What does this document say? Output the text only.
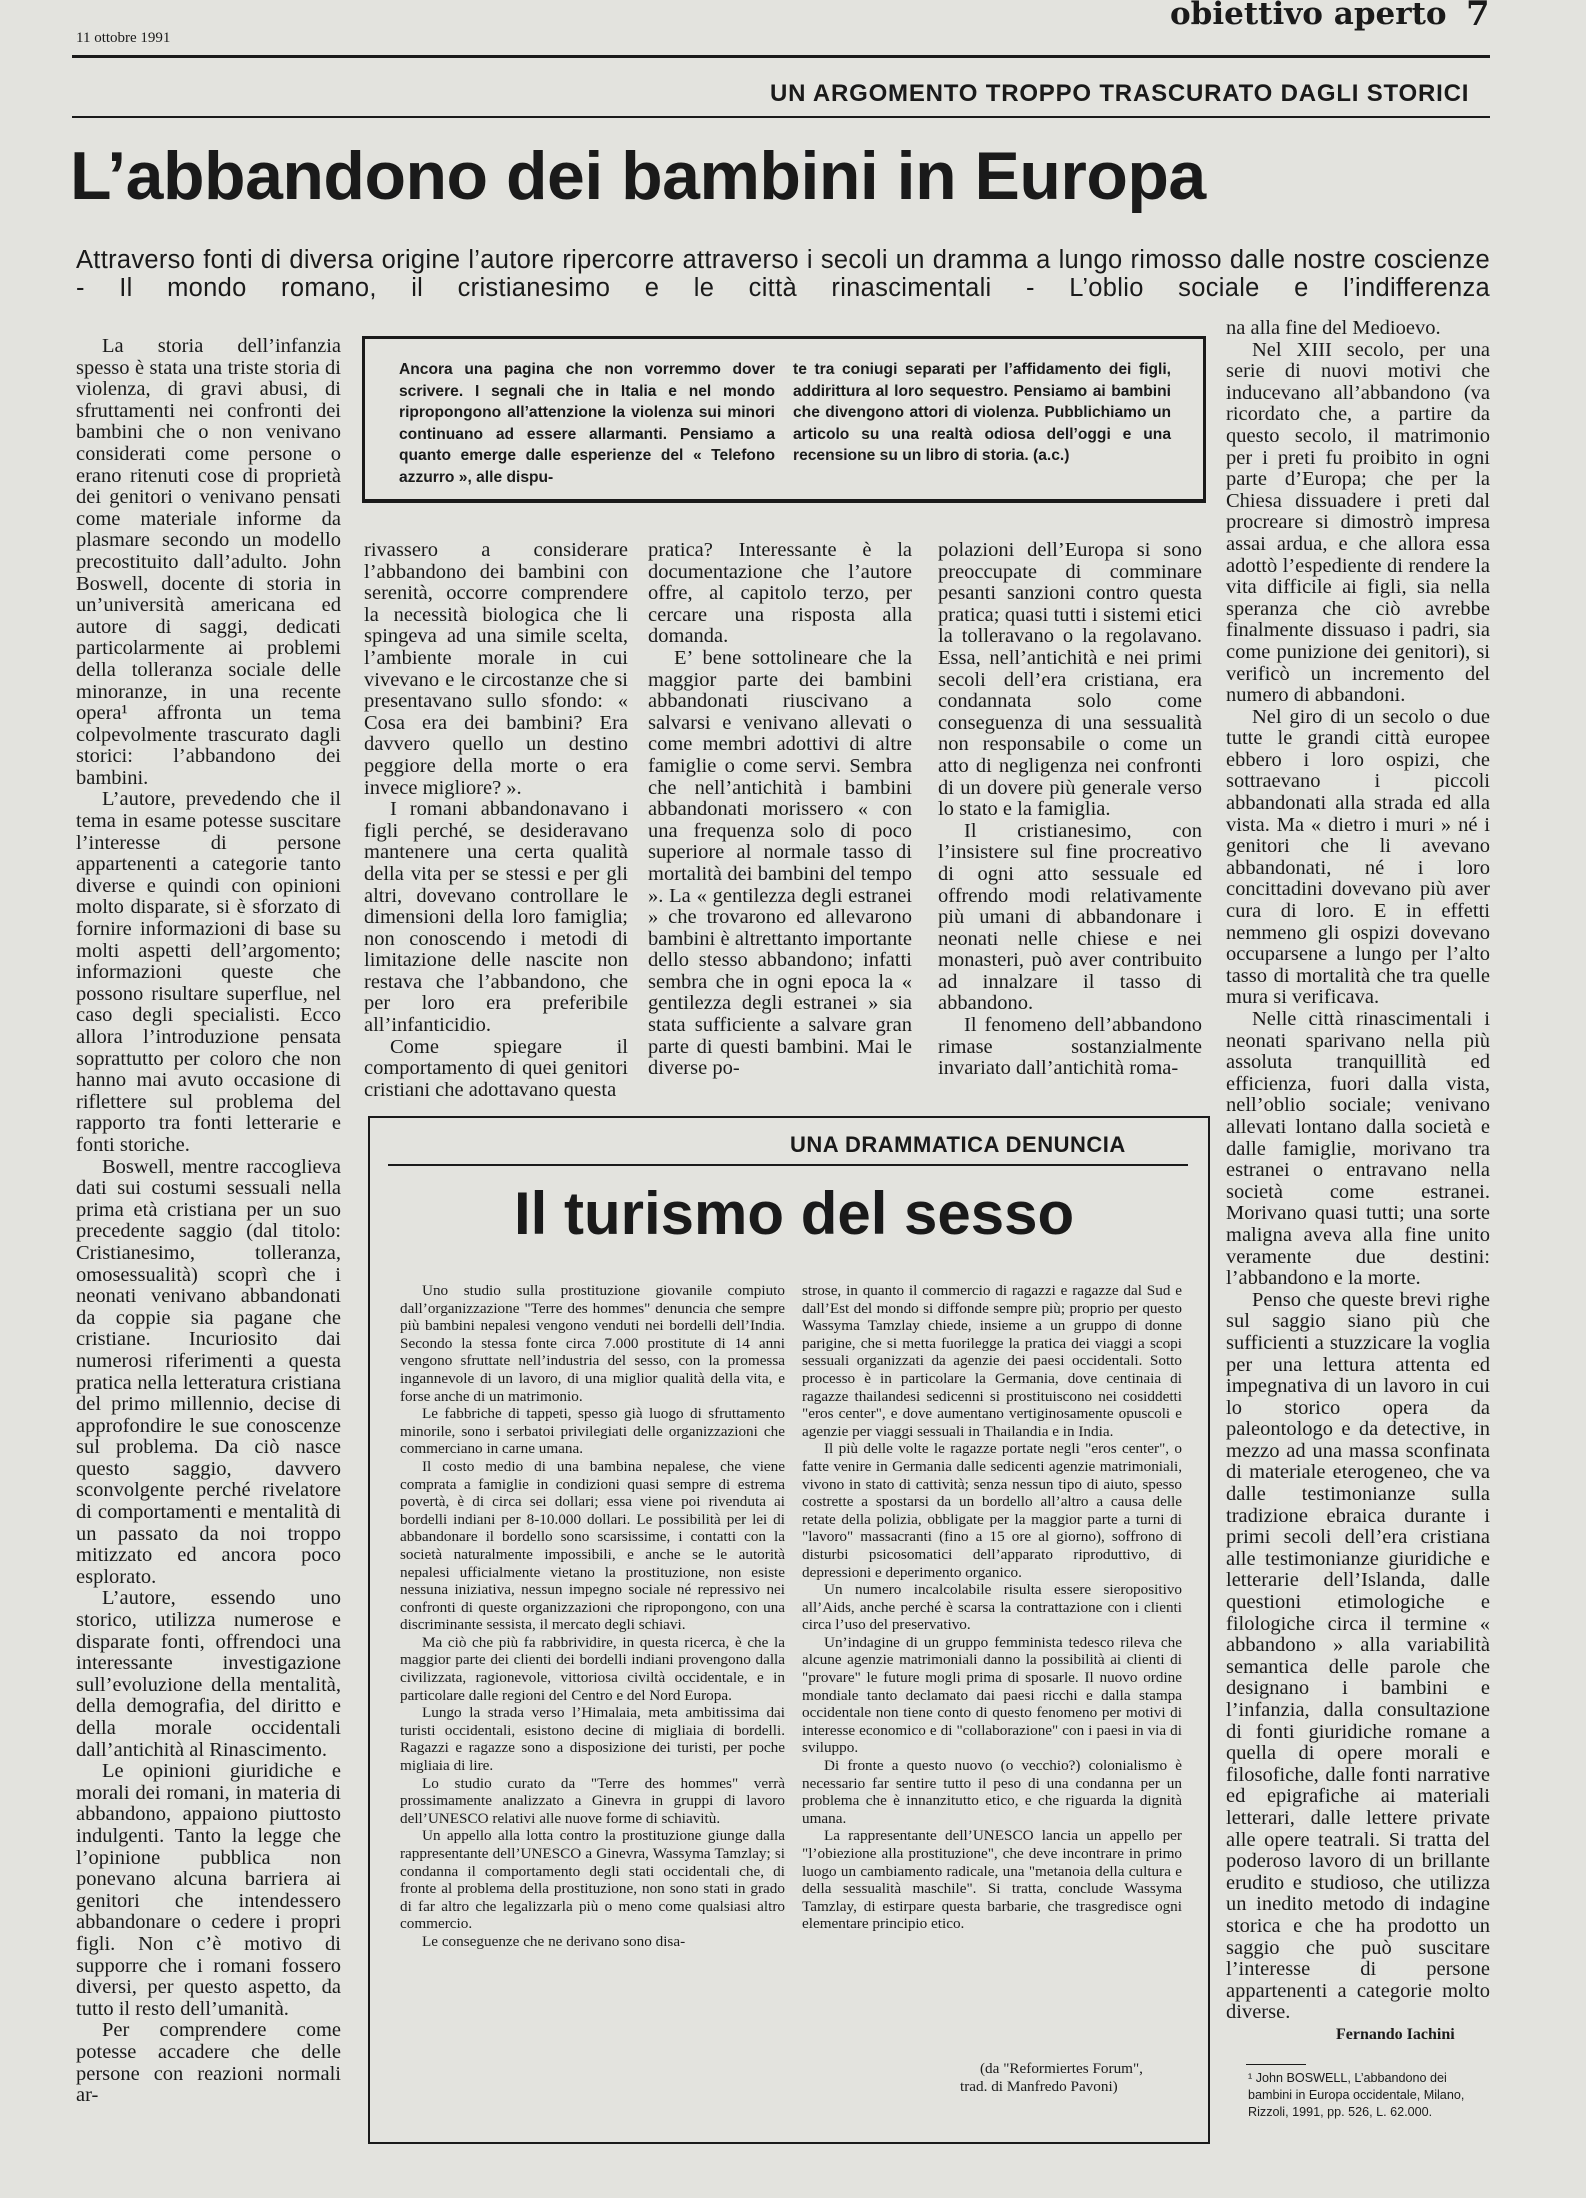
11 ottobre 1991
obiettivo aperto 7
UN ARGOMENTO TROPPO TRASCURATO DAGLI STORICI
L’abbandono dei bambini in Europa
Attraverso fonti di diversa origine l’autore ripercorre attraverso i secoli un dramma a lungo rimosso dalle nostre coscienze - Il mondo romano, il cristianesimo e le città rinascimentali - L’oblio sociale e l’indifferenza
Ancora una pagina che non vorremmo dover scrivere. I segnali che in Italia e nel mondo ripropongono all’attenzione la violenza sui minori continuano ad essere allarmanti. Pensiamo a quanto emerge dalle esperienze del « Telefono azzurro », alle dispu-
te tra coniugi separati per l’affidamento dei figli, addirittura al loro sequestro. Pensiamo ai bambini che divengono attori di violenza. Pubblichiamo un articolo su una realtà odiosa dell’oggi e una recensione su un libro di storia. (a.c.)

La storia dell’infanzia spesso è stata una triste storia di violenza, di gravi abusi, di sfruttamenti nei confronti dei bambini che o non venivano considerati come persone o erano ritenuti cose di proprietà dei genitori o venivano pensati come materiale informe da plasmare secondo un modello precostituito dall’adulto. John Boswell, docente di storia in un’università americana ed autore di saggi, dedicati particolarmente ai problemi della tolleranza sociale delle minoranze, in una recente opera¹ affronta un tema colpevolmente trascurato dagli storici: l’abbandono dei bambini.

L’autore, prevedendo che il tema in esame potesse suscitare l’interesse di persone appartenenti a categorie tanto diverse e quindi con opinioni molto disparate, si è sforzato di fornire informazioni di base su molti aspetti dell’argomento; informazioni queste che possono risultare superflue, nel caso degli specialisti. Ecco allora l’introduzione pensata soprattutto per coloro che non hanno mai avuto occasione di riflettere sul problema del rapporto tra fonti letterarie e fonti storiche.

Boswell, mentre raccoglieva dati sui costumi sessuali nella prima età cristiana per un suo precedente saggio (dal titolo: Cristianesimo, tolleranza, omosessualità) scoprì che i neonati venivano abbandonati da coppie sia pagane che cristiane. Incuriosito dai numerosi riferimenti a questa pratica nella letteratura cristiana del primo millennio, decise di approfondire le sue conoscenze sul problema. Da ciò nasce questo saggio, davvero sconvolgente perché rivelatore di comportamenti e mentalità di un passato da noi troppo mitizzato ed ancora poco esplorato.

L’autore, essendo uno storico, utilizza numerose e disparate fonti, offrendoci una interessante investigazione sull’evoluzione della mentalità, della demografia, del diritto e della morale occidentali dall’antichità al Rinascimento.

Le opinioni giuridiche e morali dei romani, in materia di abbandono, appaiono piuttosto indulgenti. Tanto la legge che l’opinione pubblica non ponevano alcuna barriera ai genitori che intendessero abbandonare o cedere i propri figli. Non c’è motivo di supporre che i romani fossero diversi, per questo aspetto, da tutto il resto dell’umanità.

Per comprendere come potesse accadere che delle persone con reazioni normali ar-

rivassero a considerare l’abbandono dei bambini con serenità, occorre comprendere la necessità biologica che li spingeva ad una simile scelta, l’ambiente morale in cui vivevano e le circostanze che si presentavano sullo sfondo: « Cosa era dei bambini? Era davvero quello un destino peggiore della morte o era invece migliore? ».

I romani abbandonavano i figli perché, se desideravano mantenere una certa qualità della vita per se stessi e per gli altri, dovevano controllare le dimensioni della loro famiglia; non conoscendo i metodi di limitazione delle nascite non restava che l’abbandono, che per loro era preferibile all’infanticidio.

Come spiegare il comportamento di quei genitori cristiani che adottavano questa

pratica? Interessante è la documentazione che l’autore offre, al capitolo terzo, per cercare una risposta alla domanda.

E’ bene sottolineare che la maggior parte dei bambini abbandonati riuscivano a salvarsi e venivano allevati o come membri adottivi di altre famiglie o come servi. Sembra che nell’antichità i bambini abbandonati morissero « con una frequenza solo di poco superiore al normale tasso di mortalità dei bambini del tempo ». La « gentilezza degli estranei » che trovarono ed allevarono bambini è altrettanto importante dello stesso abbandono; infatti sembra che in ogni epoca la « gentilezza degli estranei » sia stata sufficiente a salvare gran parte di questi bambini. Mai le diverse po-

polazioni dell’Europa si sono preoccupate di comminare pesanti sanzioni contro questa pratica; quasi tutti i sistemi etici la tolleravano o la regolavano. Essa, nell’antichità e nei primi secoli dell’era cristiana, era condannata solo come conseguenza di una sessualità non responsabile o come un atto di negligenza nei confronti di un dovere più generale verso lo stato e la famiglia.

Il cristianesimo, con l’insistere sul fine procreativo di ogni atto sessuale ed offrendo modi relativamente più umani di abbandonare i neonati nelle chiese e nei monasteri, può aver contribuito ad innalzare il tasso di abbandono.

Il fenomeno dell’abbandono rimase sostanzialmente invariato dall’antichità roma-

na alla fine del Medioevo.

Nel XIII secolo, per una serie di nuovi motivi che inducevano all’abbandono (va ricordato che, a partire da questo secolo, il matrimonio per i preti fu proibito in ogni parte d’Europa; che per la Chiesa dissuadere i preti dal procreare si dimostrò impresa assai ardua, e che allora essa adottò l’espediente di rendere la vita difficile ai figli, sia nella speranza che ciò avrebbe finalmente dissuaso i padri, sia come punizione dei genitori), si verificò un incremento del numero di abbandoni.

Nel giro di un secolo o due tutte le grandi città europee ebbero i loro ospizi, che sottraevano i piccoli abbandonati alla strada ed alla vista. Ma « dietro i muri » né i genitori che li avevano abbandonati, né i loro concittadini dovevano più aver cura di loro. E in effetti nemmeno gli ospizi dovevano occuparsene a lungo per l’alto tasso di mortalità che tra quelle mura si verificava.

Nelle città rinascimentali i neonati sparivano nella più assoluta tranquillità ed efficienza, fuori dalla vista, nell’oblio sociale; venivano allevati lontano dalla società e dalle famiglie, morivano tra estranei o entravano nella società come estranei. Morivano quasi tutti; una sorte maligna aveva alla fine unito veramente due destini: l’abbandono e la morte.

Penso che queste brevi righe sul saggio siano più che sufficienti a stuzzicare la voglia per una lettura attenta ed impegnativa di un lavoro in cui lo storico opera da paleontologo e da detective, in mezzo ad una massa sconfinata di materiale eterogeneo, che va dalle testimonianze sulla tradizione ebraica durante i primi secoli dell’era cristiana alle testimonianze giuridiche e letterarie dell’Islanda, dalle questioni etimologiche e filologiche circa il termine « abbandono » alla variabilità semantica delle parole che designano i bambini e l’infanzia, dalla consultazione di fonti giuridiche romane a quella di opere morali e filosofiche, dalle fonti narrative ed epigrafiche ai materiali letterari, dalle lettere private alle opere teatrali. Si tratta del poderoso lavoro di un brillante erudito e studioso, che utilizza un inedito metodo di indagine storica e che ha prodotto un saggio che può suscitare l’interesse di persone appartenenti a categorie molto diverse.

Fernando Iachini
¹ John BOSWELL, L’abbandono dei bambini in Europa occidentale, Milano, Rizzoli, 1991, pp. 526, L. 62.000.
UNA DRAMMATICA DENUNCIA
Il turismo del sesso

Uno studio sulla prostituzione giovanile compiuto dall’organizzazione "Terre des hommes" denuncia che sempre più bambini nepalesi vengono venduti nei bordelli dell’India. Secondo la stessa fonte circa 7.000 prostitute di 14 anni vengono sfruttate nell’industria del sesso, con la promessa ingannevole di un lavoro, di una miglior qualità della vita, e forse anche di un matrimonio.

Le fabbriche di tappeti, spesso già luogo di sfruttamento minorile, sono i serbatoi privilegiati delle organizzazioni che commerciano in carne umana.

Il costo medio di una bambina nepalese, che viene comprata a famiglie in condizioni quasi sempre di estrema povertà, è di circa sei dollari; essa viene poi rivenduta ai bordelli indiani per 8-10.000 dollari. Le possibilità per lei di abbandonare il bordello sono scarsissime, i contatti con la società naturalmente impossibili, e anche se le autorità nepalesi ufficialmente vietano la prostituzione, non esiste nessuna iniziativa, nessun impegno sociale né repressivo nei confronti di queste organizzazioni che ripropongono, con una discriminante sessista, il mercato degli schiavi.

Ma ciò che più fa rabbrividire, in questa ricerca, è che la maggior parte dei clienti dei bordelli indiani provengono dalla civilizzata, ragionevole, vittoriosa civiltà occidentale, e in particolare dalle regioni del Centro e del Nord Europa.

Lungo la strada verso l’Himalaia, meta ambitissima dai turisti occidentali, esistono decine di migliaia di bordelli. Ragazzi e ragazze sono a disposizione dei turisti, per poche migliaia di lire.

Lo studio curato da "Terre des hommes" verrà prossimamente analizzato a Ginevra in gruppi di lavoro dell’UNESCO relativi alle nuove forme di schiavitù.

Un appello alla lotta contro la prostituzione giunge dalla rappresentante dell’UNESCO a Ginevra, Wassyma Tamzlay; si condanna il comportamento degli stati occidentali che, di fronte al problema della prostituzione, non sono stati in grado di far altro che legalizzarla più o meno come qualsiasi altro commercio.

Le conseguenze che ne derivano sono disa-

strose, in quanto il commercio di ragazzi e ragazze dal Sud e dall’Est del mondo si diffonde sempre più; proprio per questo Wassyma Tamzlay chiede, insieme a un gruppo di donne parigine, che si metta fuorilegge la pratica dei viaggi a scopi sessuali organizzati da agenzie dei paesi occidentali. Sotto processo è in particolare la Germania, dove centinaia di ragazze thailandesi sedicenni si prostituiscono nei cosiddetti "eros center", e dove aumentano vertiginosamente opuscoli e agenzie per viaggi sessuali in Thailandia e in India.

Il più delle volte le ragazze portate negli "eros center", o fatte venire in Germania dalle sedicenti agenzie matrimoniali, vivono in stato di cattività; senza nessun tipo di aiuto, spesso costrette a spostarsi da un bordello all’altro a causa delle retate della polizia, obbligate per la maggior parte a turni di "lavoro" massacranti (fino a 15 ore al giorno), soffrono di disturbi psicosomatici dell’apparato riproduttivo, di depressioni e deperimento organico.

Un numero incalcolabile risulta essere sieropositivo all’Aids, anche perché è scarsa la contrattazione con i clienti circa l’uso del preservativo.

Un’indagine di un gruppo femminista tedesco rileva che alcune agenzie matrimoniali danno la possibilità ai clienti di "provare" le future mogli prima di sposarle. Il nuovo ordine mondiale tanto declamato dai paesi ricchi e dalla stampa occidentale non tiene conto di questo fenomeno per motivi di interesse economico e di "collaborazione" con i paesi in via di sviluppo.

Di fronte a questo nuovo (o vecchio?) colonialismo è necessario far sentire tutto il peso di una condanna per un problema che è innanzitutto etico, e che riguarda la dignità umana.

La rappresentante dell’UNESCO lancia un appello per "l’obiezione alla prostituzione", che deve incontrare in primo luogo un cambiamento radicale, una "metanoia della cultura e della sessualità maschile". Si tratta, conclude Wassyma Tamzlay, di estirpare questa barbarie, che trasgredisce ogni elementare principio etico.

(da "Reformiertes Forum",
trad. di Manfredo Pavoni)
